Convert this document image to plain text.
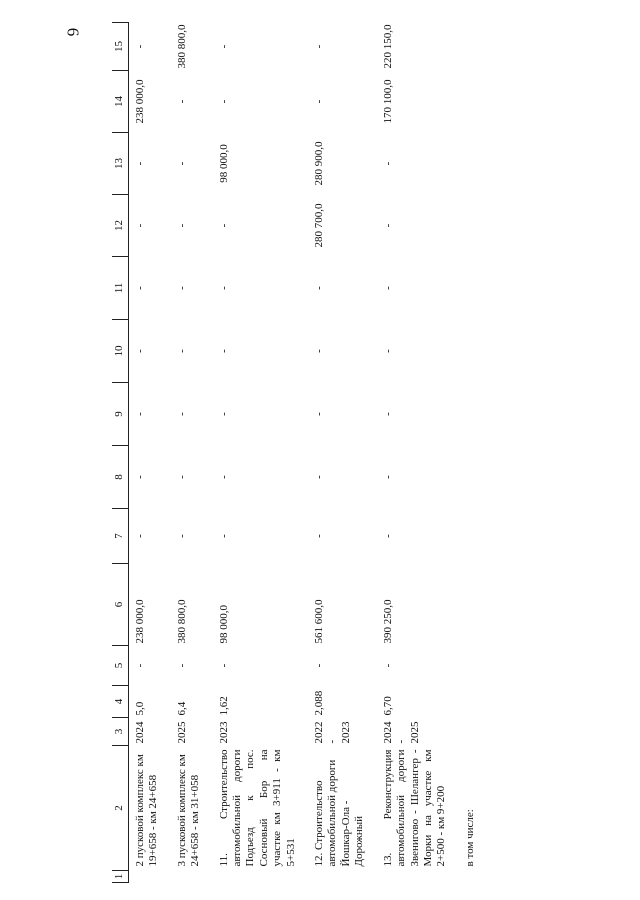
6
1	2	3	4	5	6	7	8	9	10	11	12	13	14	15
	2 пусковой комплекс км 19+658 - км 24+658	2024	5,0	-	238 000,0	-	-	-	-	-	-	-	238 000,0	-
	3 пусковой комплекс км 24+658 - км 31+058	2025	6,4	-	380 800,0	-	-	-	-	-	-	-	-	380 800,0
	11. Строительство автомобильной дороги Подъезд к пос. Сосновый Бор на участке км 3+911 - км 5+531	2023	1,62	-	98 000,0	-	-	-	-	-	-	98 000,0	-	-
	12. Строительство автомобильной дороги Йошкар-Ола - Дорожный	2022 - 2023	2,088	-	561 600,0	-	-	-	-	-	280 700,0	280 900,0	-	-
	13. Реконструкция автомобильной дороги Звенигово - Шелангер - Морки на участке км 2+500 - км 9+200	2024 - 2025	6,70	-	390 250,0	-	-	-	-	-	-	-	170 100,0	220 150,0
	в том числе:													
